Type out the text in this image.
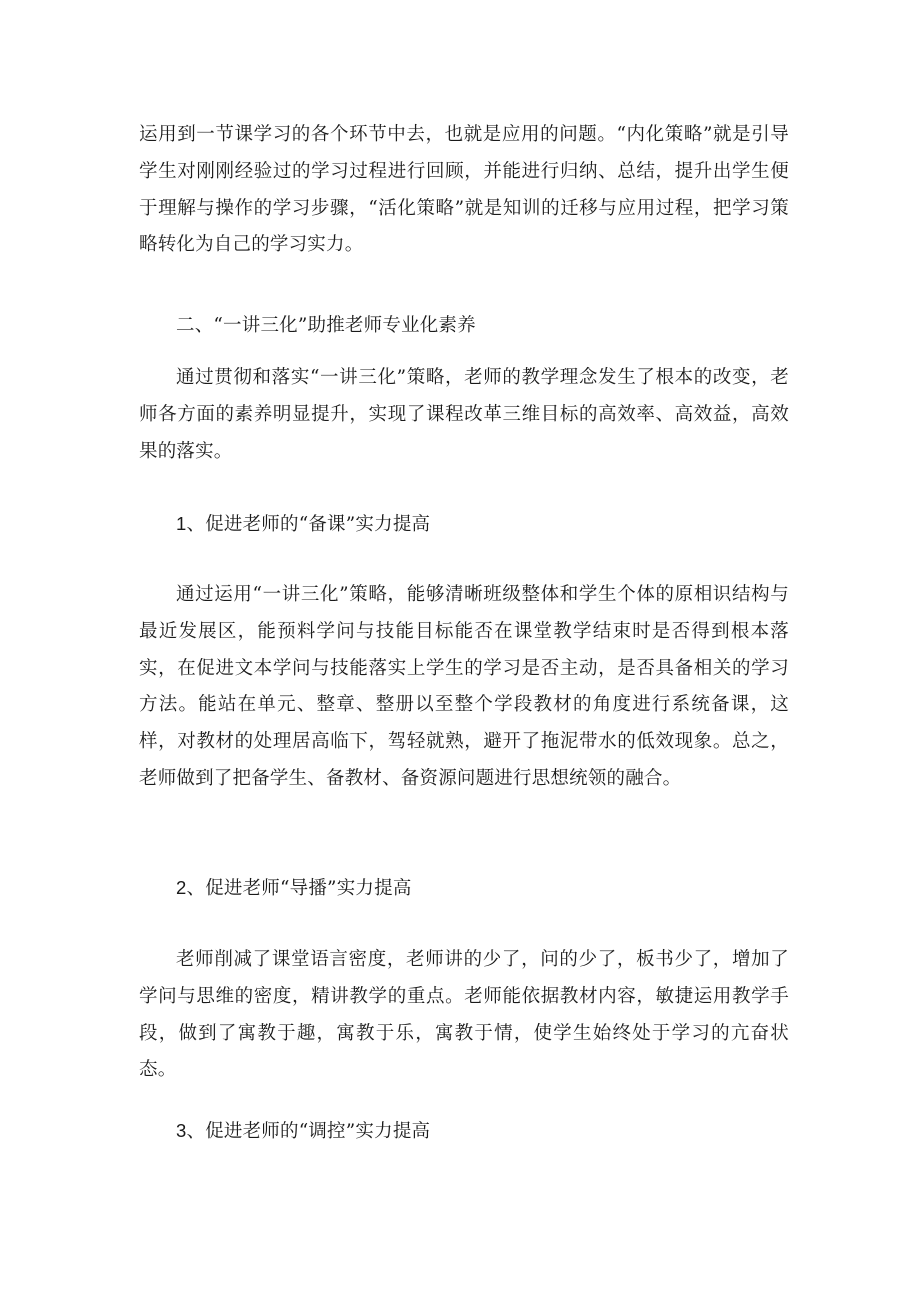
运用到一节课学习的各个环节中去，也就是应用的问题。“内化策略”就是引导学生对刚刚经验过的学习过程进行回顾，并能进行归纳、总结，提升出学生便于理解与操作的学习步骤，“活化策略”就是知训的迁移与应用过程，把学习策略转化为自己的学习实力。

二、“一讲三化”助推老师专业化素养

通过贯彻和落实“一讲三化”策略，老师的教学理念发生了根本的改变，老师各方面的素养明显提升，实现了课程改革三维目标的高效率、高效益，高效果的落实。

1、促进老师的“备课”实力提高

通过运用“一讲三化”策略，能够清晰班级整体和学生个体的原相识结构与最近发展区，能预料学问与技能目标能否在课堂教学结束时是否得到根本落实，在促进文本学问与技能落实上学生的学习是否主动，是否具备相关的学习方法。能站在单元、整章、整册以至整个学段教材的角度进行系统备课，这样，对教材的处理居高临下，驾轻就熟，避开了拖泥带水的低效现象。总之，老师做到了把备学生、备教材、备资源问题进行思想统领的融合。

2、促进老师“导播”实力提高

老师削减了课堂语言密度，老师讲的少了，问的少了，板书少了，增加了学问与思维的密度，精讲教学的重点。老师能依据教材内容，敏捷运用教学手段，做到了寓教于趣，寓教于乐，寓教于情，使学生始终处于学习的亢奋状态。

3、促进老师的“调控”实力提高
